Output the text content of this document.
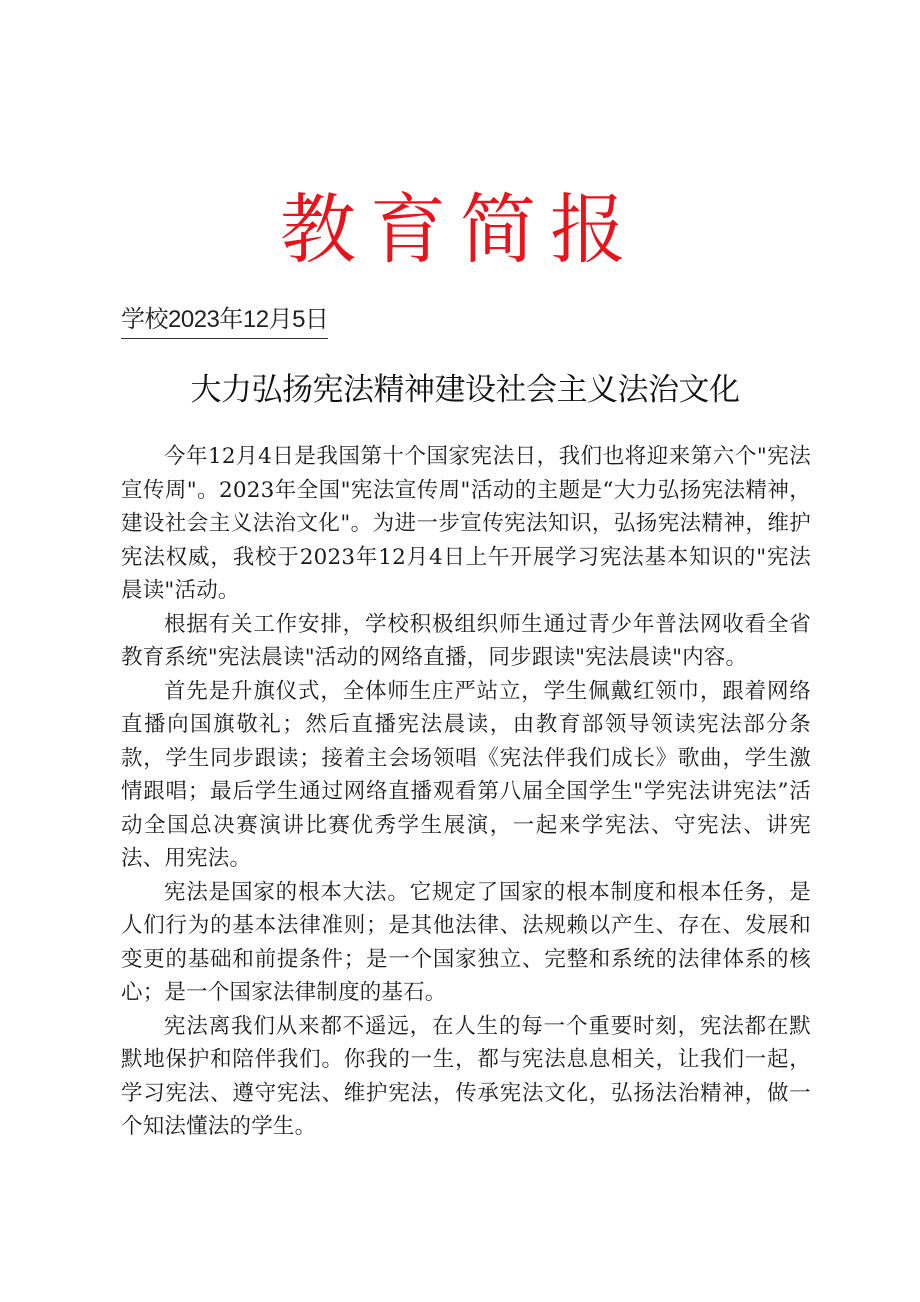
教育简报
学校2023年12月5日
大力弘扬宪法精神建设社会主义法治文化

今年12月4日是我国第十个国家宪法日，我们也将迎来第六个"宪法宣传周"。2023年全国"宪法宣传周"活动的主题是“大力弘扬宪法精神，建设社会主义法治文化"。为进一步宣传宪法知识，弘扬宪法精神，维护宪法权威，我校于2023年12月4日上午开展学习宪法基本知识的"宪法晨读"活动。

根据有关工作安排，学校积极组织师生通过青少年普法网收看全省教育系统"宪法晨读"活动的网络直播，同步跟读"宪法晨读"内容。

首先是升旗仪式，全体师生庄严站立，学生佩戴红领巾，跟着网络直播向国旗敬礼；然后直播宪法晨读，由教育部领导领读宪法部分条款，学生同步跟读；接着主会场领唱《宪法伴我们成长》歌曲，学生激情跟唱；最后学生通过网络直播观看第八届全国学生"学宪法讲宪法”活动全国总决赛演讲比赛优秀学生展演，一起来学宪法、守宪法、讲宪法、用宪法。

宪法是国家的根本大法。它规定了国家的根本制度和根本任务，是人们行为的基本法律准则；是其他法律、法规赖以产生、存在、发展和变更的基础和前提条件；是一个国家独立、完整和系统的法律体系的核心；是一个国家法律制度的基石。

宪法离我们从来都不遥远，在人生的每一个重要时刻，宪法都在默默地保护和陪伴我们。你我的一生，都与宪法息息相关，让我们一起，学习宪法、遵守宪法、维护宪法，传承宪法文化，弘扬法治精神，做一个知法懂法的学生。
